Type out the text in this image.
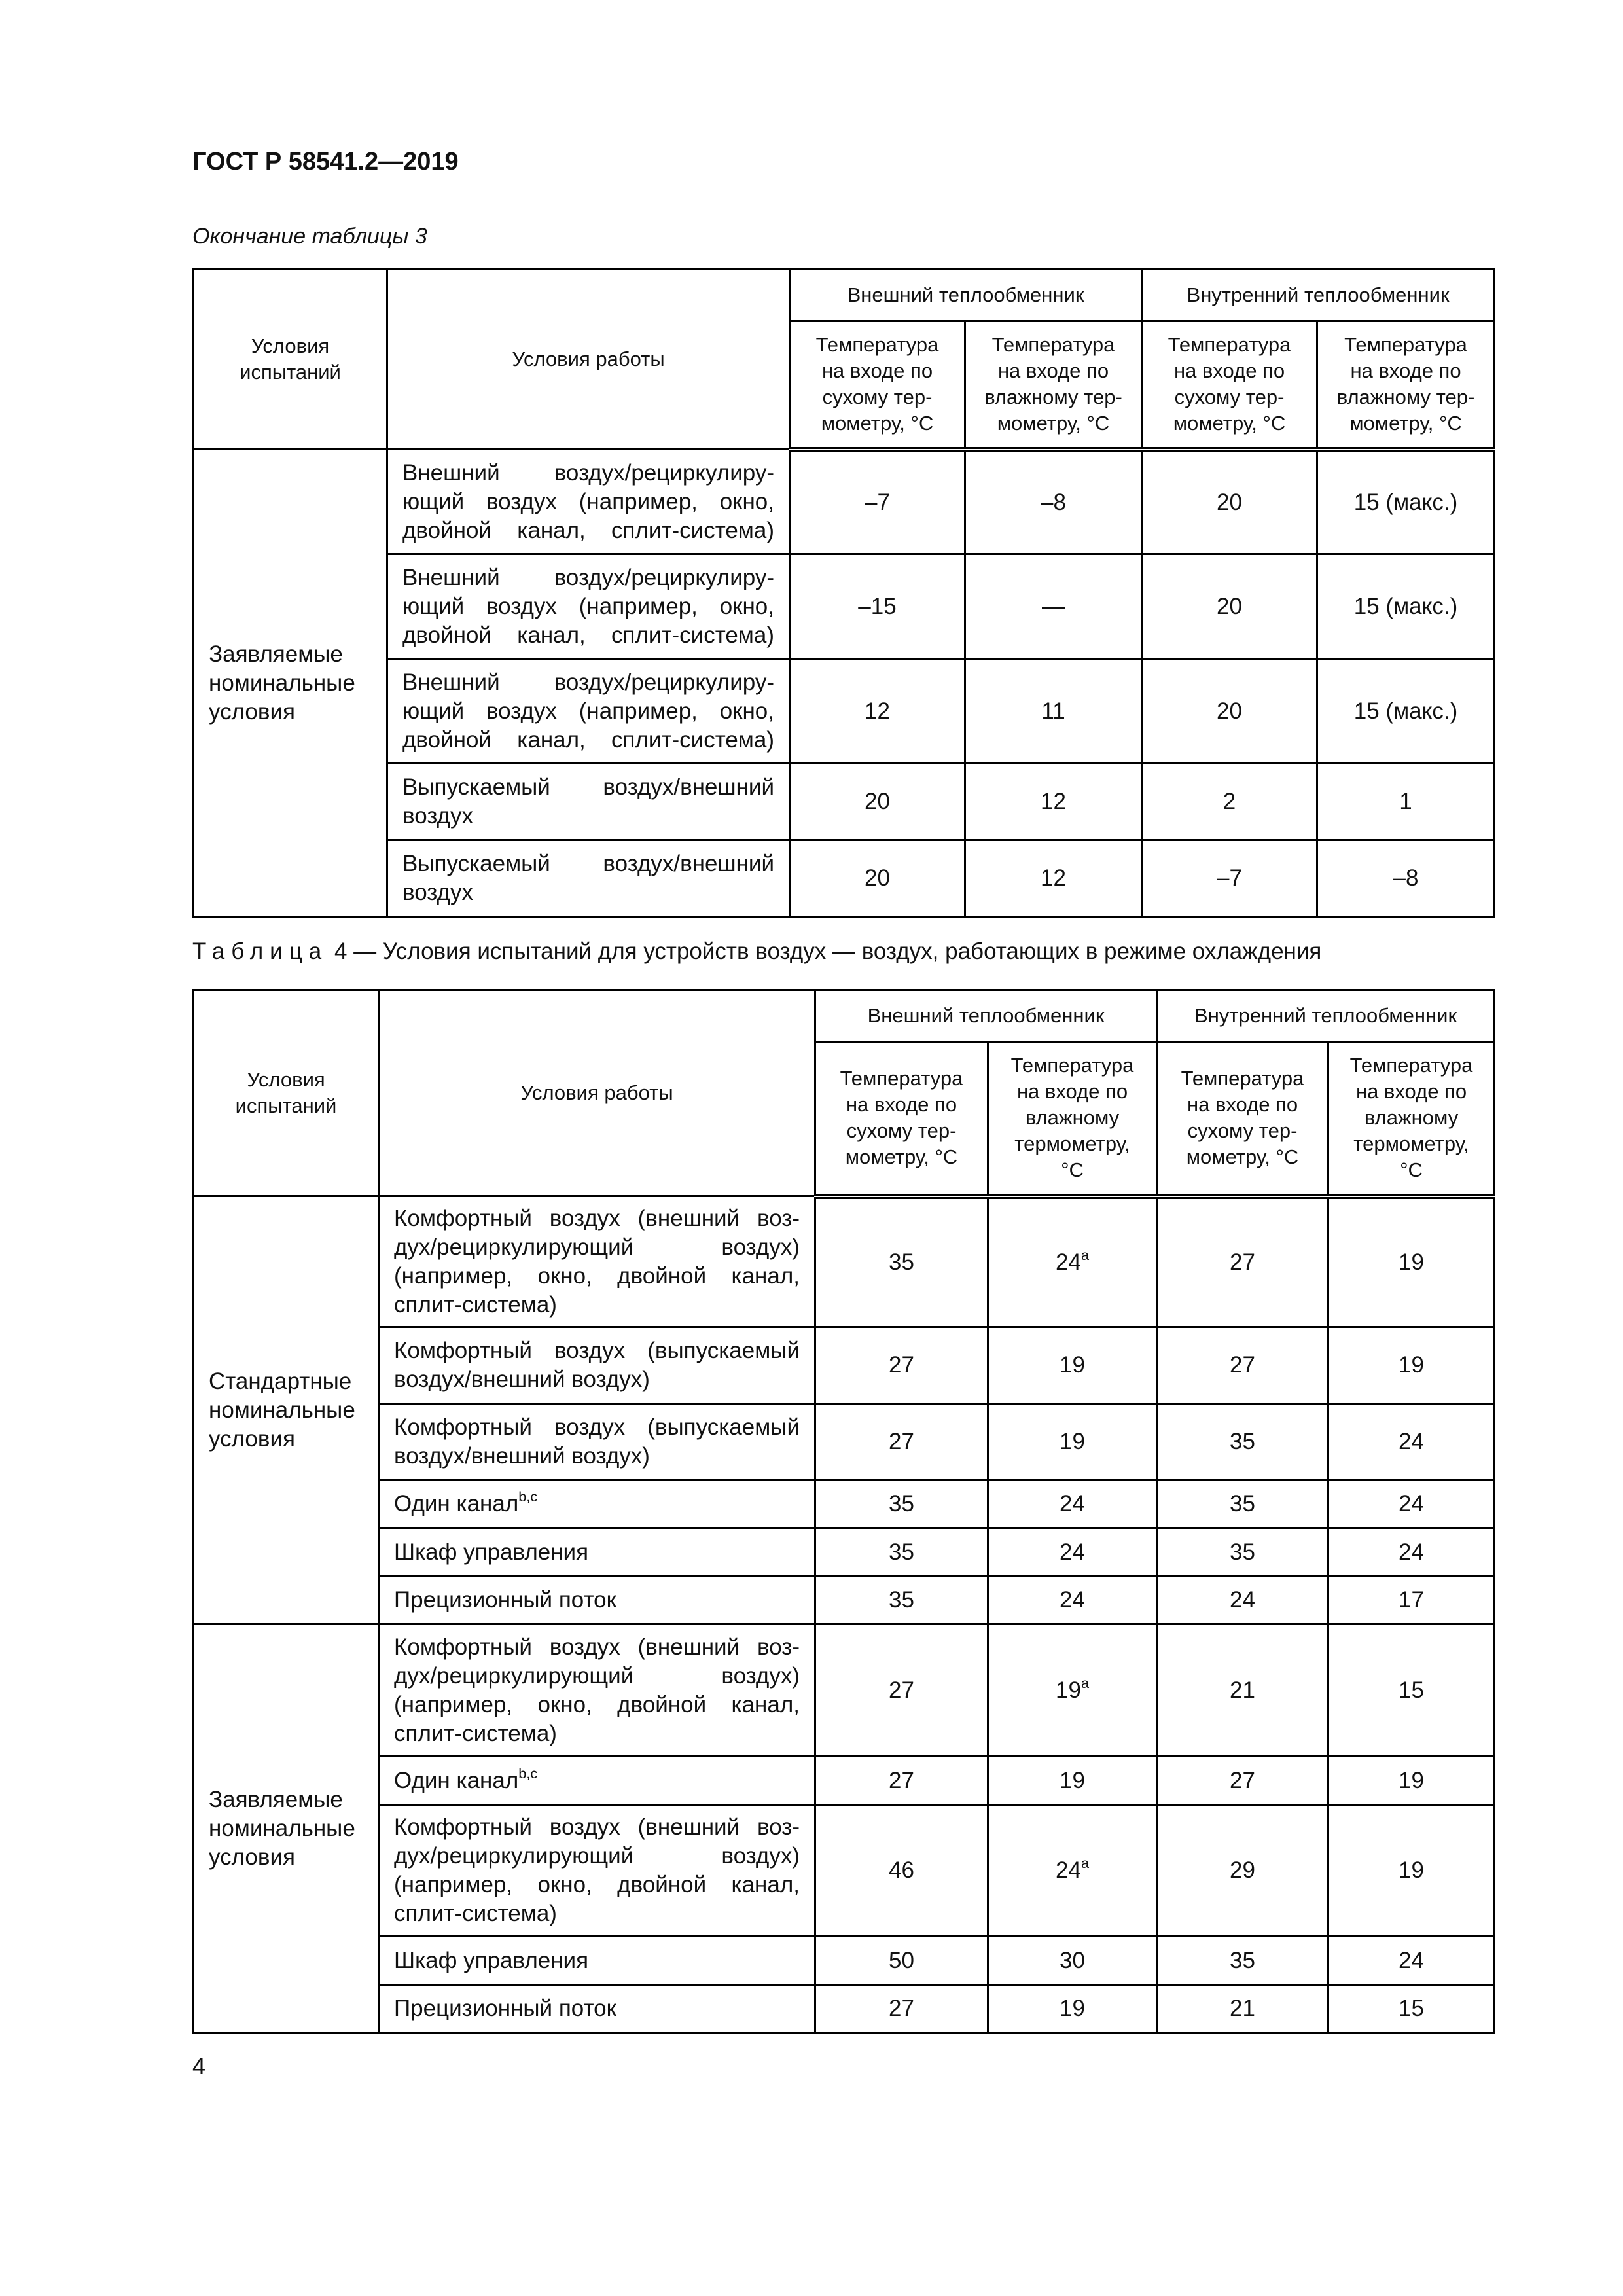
ГОСТ Р 58541.2—2019
Окончание таблицы 3
Условия испытаний	Условия работы	Внешний теплообменник		Внутренний теплообменник	
		Температура на входе по сухому тер-мометру, °C	Температура на входе по влажному тер-мометру, °C	Температура на входе по сухому тер-мометру, °C	Температура на входе по влажному тер-мометру, °C
Заявляемые номинальные условия	Внешний воздух/рециркулиру-ющий воздух (например, окно, двойной канал, сплит-система)	–7	–8	20	15 (макс.)
	Внешний воздух/рециркулиру-ющий воздух (например, окно, двойной канал, сплит-система)	–15	—	20	15 (макс.)
	Внешний воздух/рециркулиру-ющий воздух (например, окно, двойной канал, сплит-система)	12	11	20	15 (макс.)
	Выпускаемый воздух/внешний воздух	20	12	2	1
	Выпускаемый воздух/внешний воздух	20	12	–7	–8
Таблица 4 — Условия испытаний для устройств воздух — воздух, работающих в режиме охлаждения
Условия испытаний	Условия работы	Внешний теплообменник		Внутренний теплообменник	
		Температура на входе по сухому тер-мометру, °C	Температура на входе по влажному термометру, °C	Температура на входе по сухому тер-мометру, °C	Температура на входе по влажному термометру, °C
Стандартные номинальные условия	Комфортный воздух (внешний воз-дух/рециркулирующий воздух) (например, окно, двойной канал, сплит-система)	35	24$^a$	27	19
	Комфортный воздух (выпускаемый воздух/внешний воздух)	27	19	27	19
	Комфортный воздух (выпускаемый воздух/внешний воздух)	27	19	35	24
	Один канал$^{b,c}$	35	24	35	24
	Шкаф управления	35	24	35	24
	Прецизионный поток	35	24	24	17
Заявляемые номинальные условия	Комфортный воздух (внешний воз-дух/рециркулирующий воздух) (например, окно, двойной канал, сплит-система)	27	19$^a$	21	15
	Один канал$^{b,c}$	27	19	27	19
	Комфортный воздух (внешний воз-дух/рециркулирующий воздух) (например, окно, двойной канал, сплит-система)	46	24$^a$	29	19
	Шкаф управления	50	30	35	24
	Прецизионный поток	27	19	21	15
4
